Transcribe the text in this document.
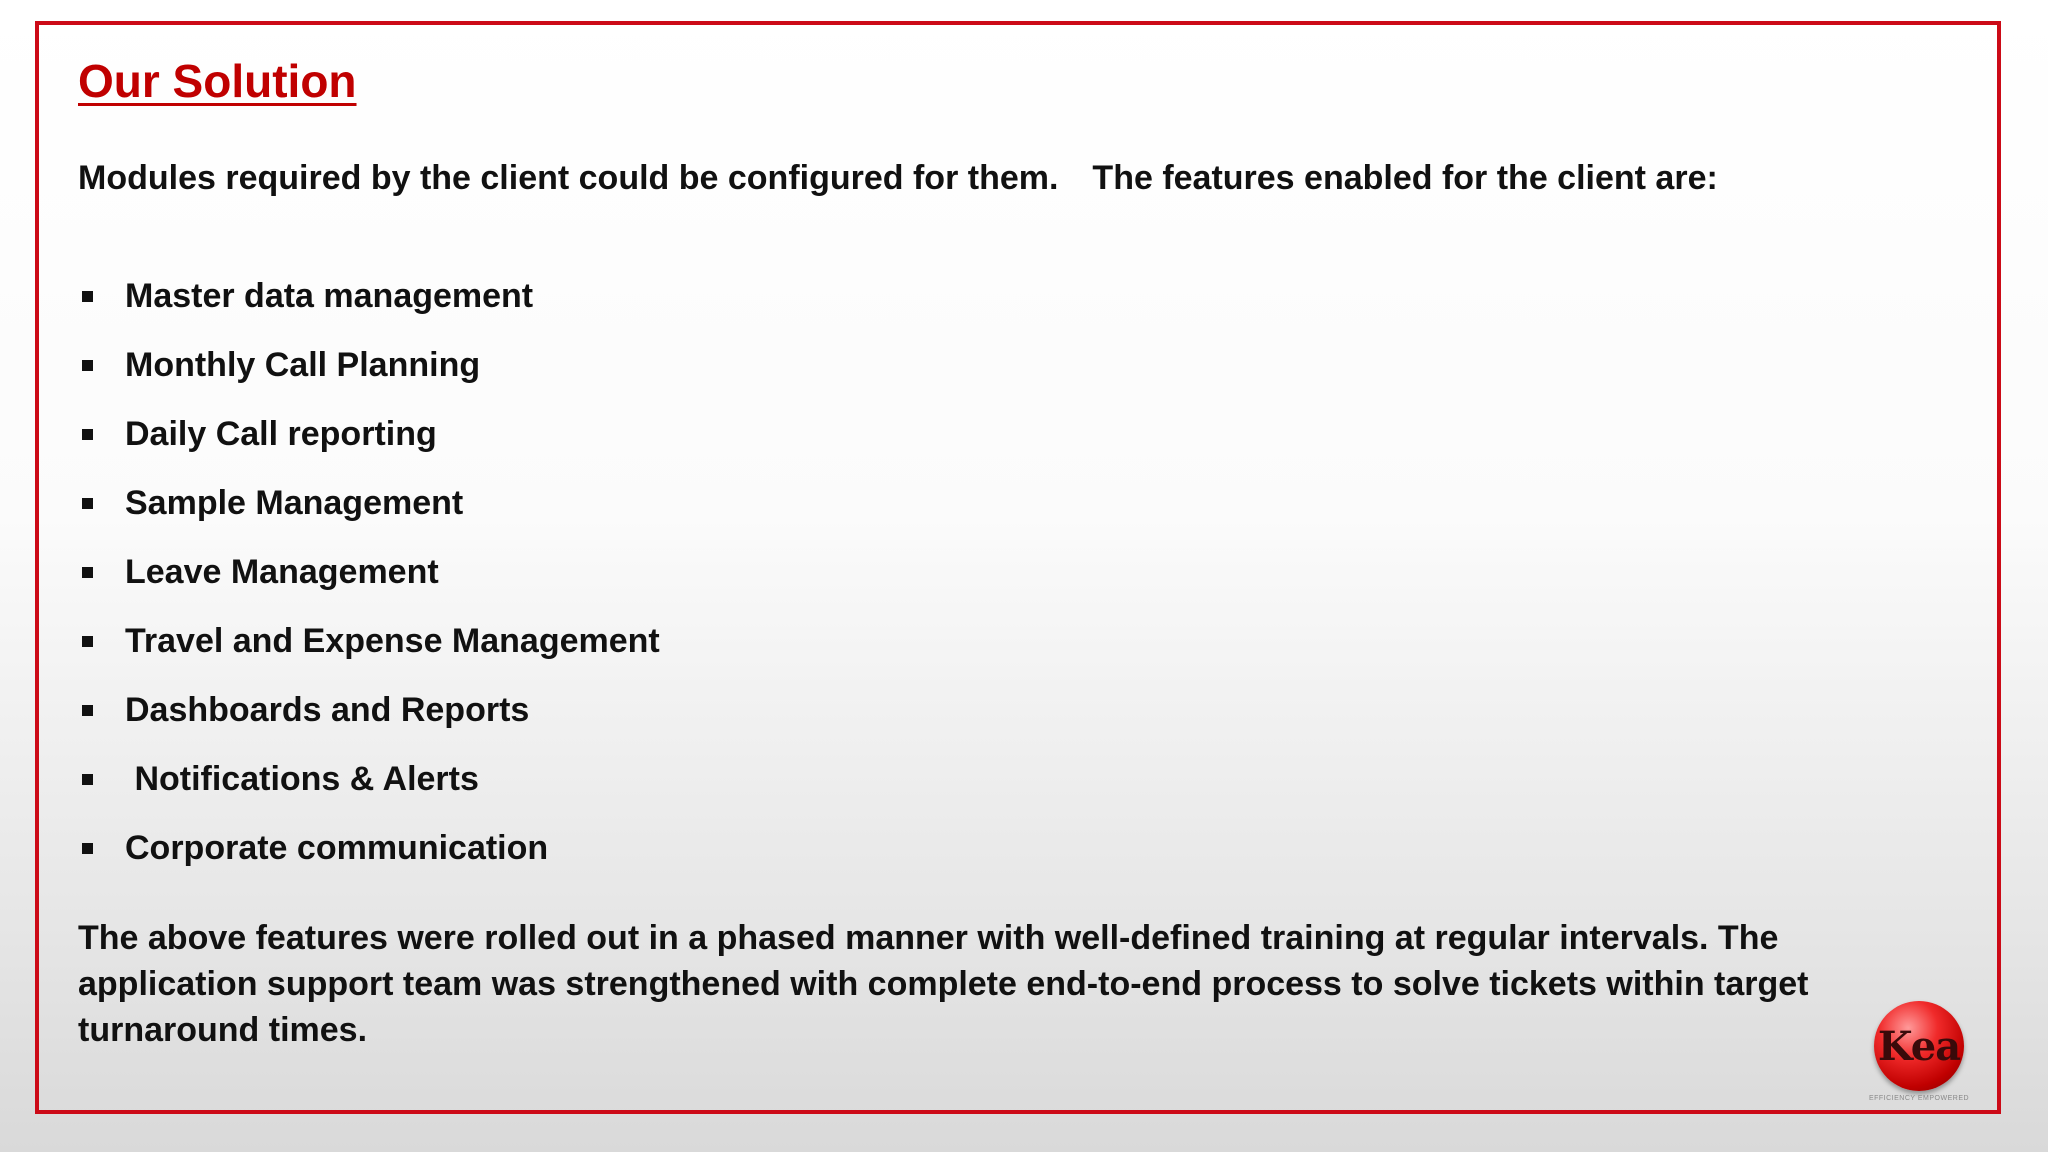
Our Solution

Modules required by the client could be configured for them. The features enabled for the client are:

Master data management
Monthly Call Planning
Daily Call reporting
Sample Management
Leave Management
Travel and Expense Management
Dashboards and Reports
Notifications & Alerts
Corporate communication

The above features were rolled out in a phased manner with well-defined training at regular intervals. The application support team was strengthened with complete end-to-end process to solve tickets within target turnaround times.	Kea
EFFICIENCY EMPOWERED
